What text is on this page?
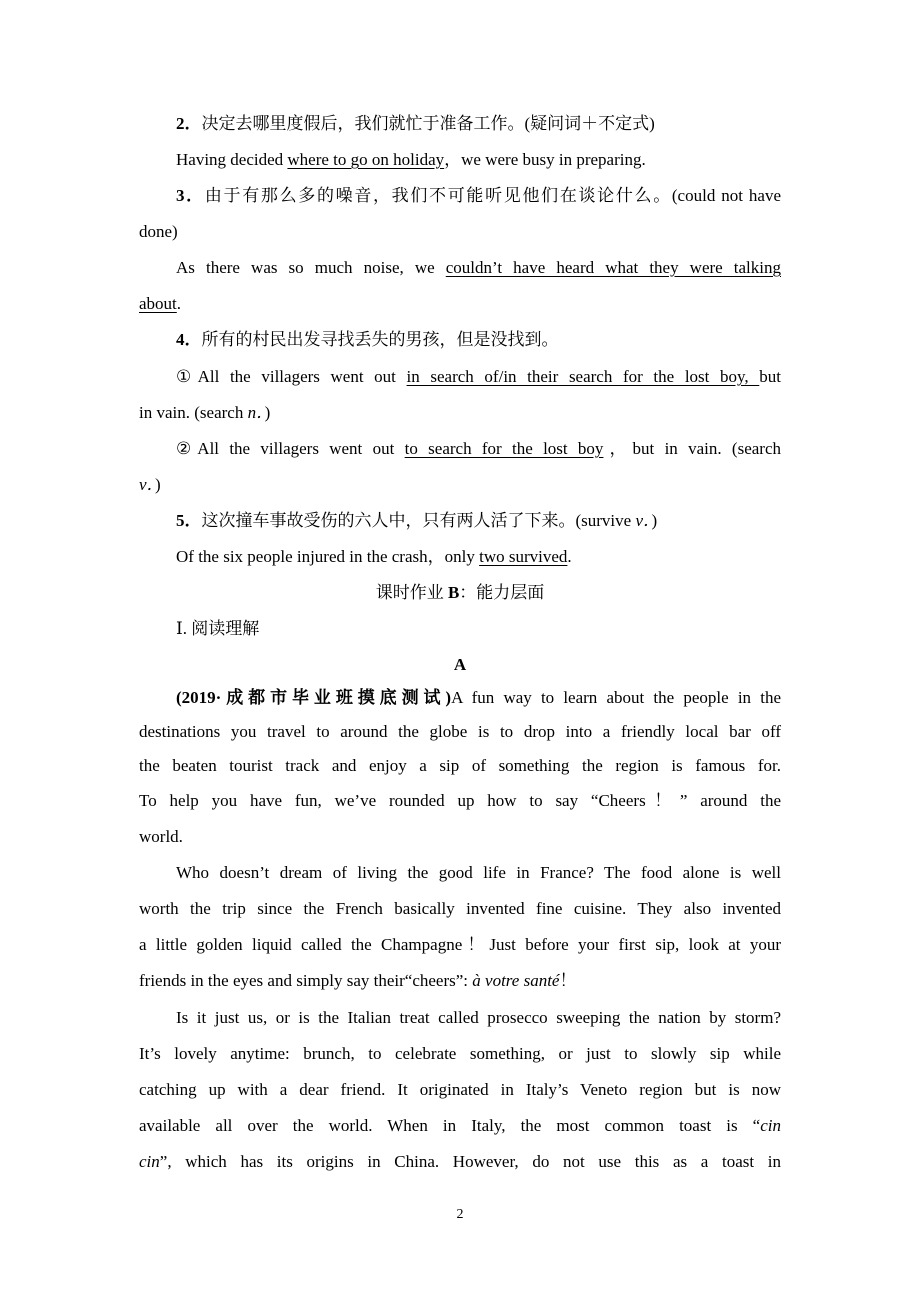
2．决定去哪里度假后，我们就忙于准备工作。(疑问词＋不定式)
Having decided where to go on holiday，we were busy in preparing.
3．由于有那么多的噪音，我们不可能听见他们在谈论什么。(could not have
done)
As there was so much noise, we couldn’t have heard what they were talking
about.
4．所有的村民出发寻找丢失的男孩，但是没找到。
①All the villagers went out in search of/in their search for the lost boy, but
in vain. (search n．)
②All the villagers went out to search for the lost boy，but in vain. (search
v．)
5．这次撞车事故受伤的六人中，只有两人活了下来。(survive v．)
Of the six people injured in the crash，only two survived.
课时作业 B：能力层面
Ⅰ. 阅读理解
A
(2019·成都市毕业班摸底测试)A fun way to learn about the people in the
destinations you travel to around the globe is to drop into a friendly local bar off
the beaten tourist track and enjoy a sip of something the region is famous for.
To help you have fun, we’ve rounded up how to say “Cheers！” around the
world.
Who doesn’t dream of living the good life in France? The food alone is well
worth the trip since the French basically invented fine cuisine. They also invented
a little golden liquid called the Champagne！Just before your first sip, look at your
friends in the eyes and simply say their“cheers”: à votre santé！
Is it just us, or is the Italian treat called prosecco sweeping the nation by storm?
It’s lovely anytime: brunch, to celebrate something, or just to slowly sip while
catching up with a dear friend. It originated in Italy’s Veneto region but is now
available all over the world. When in Italy, the most common toast is “cin
cin”, which has its origins in China. However, do not use this as a toast in
2
